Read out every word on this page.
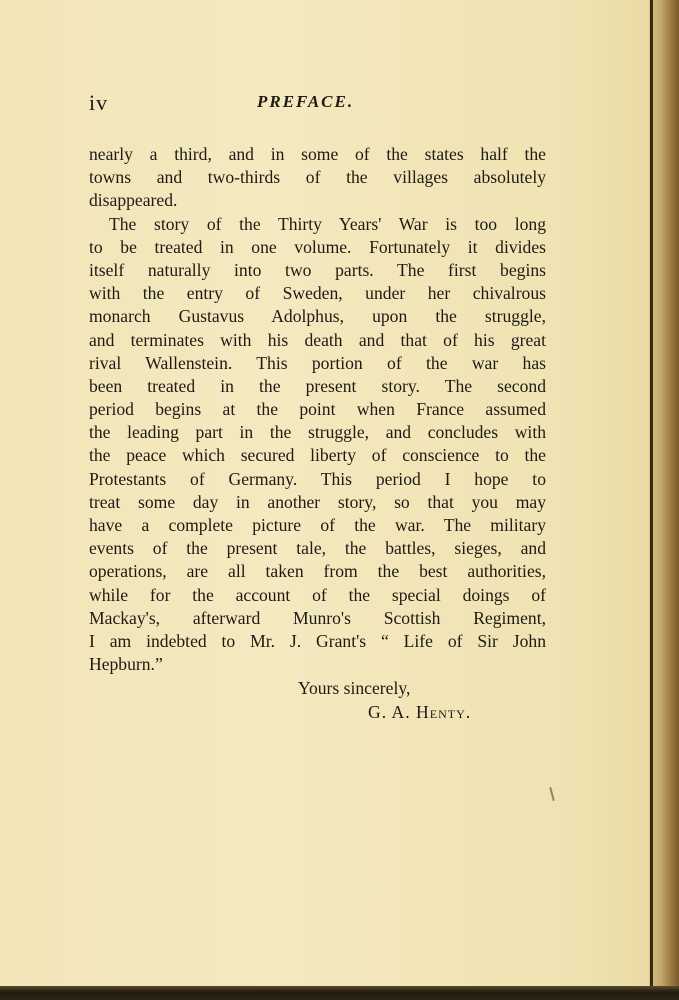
iv	PREFACE.
nearly a third, and in some of the states half the
towns and two-thirds of the villages absolutely
disappeared.
The story of the Thirty Years' War is too long
to be treated in one volume. Fortunately it divides
itself naturally into two parts. The first begins
with the entry of Sweden, under her chivalrous
monarch Gustavus Adolphus, upon the struggle,
and terminates with his death and that of his great
rival Wallenstein. This portion of the war has
been treated in the present story. The second
period begins at the point when France assumed
the leading part in the struggle, and concludes with
the peace which secured liberty of conscience to the
Protestants of Germany. This period I hope to
treat some day in another story, so that you may
have a complete picture of the war. The military
events of the present tale, the battles, sieges, and
operations, are all taken from the best authorities,
while for the account of the special doings of
Mackay's, afterward Munro's Scottish Regiment,
I am indebted to Mr. J. Grant's “ Life of Sir John
Hepburn.”
Yours sincerely,
G. A. Henty.
